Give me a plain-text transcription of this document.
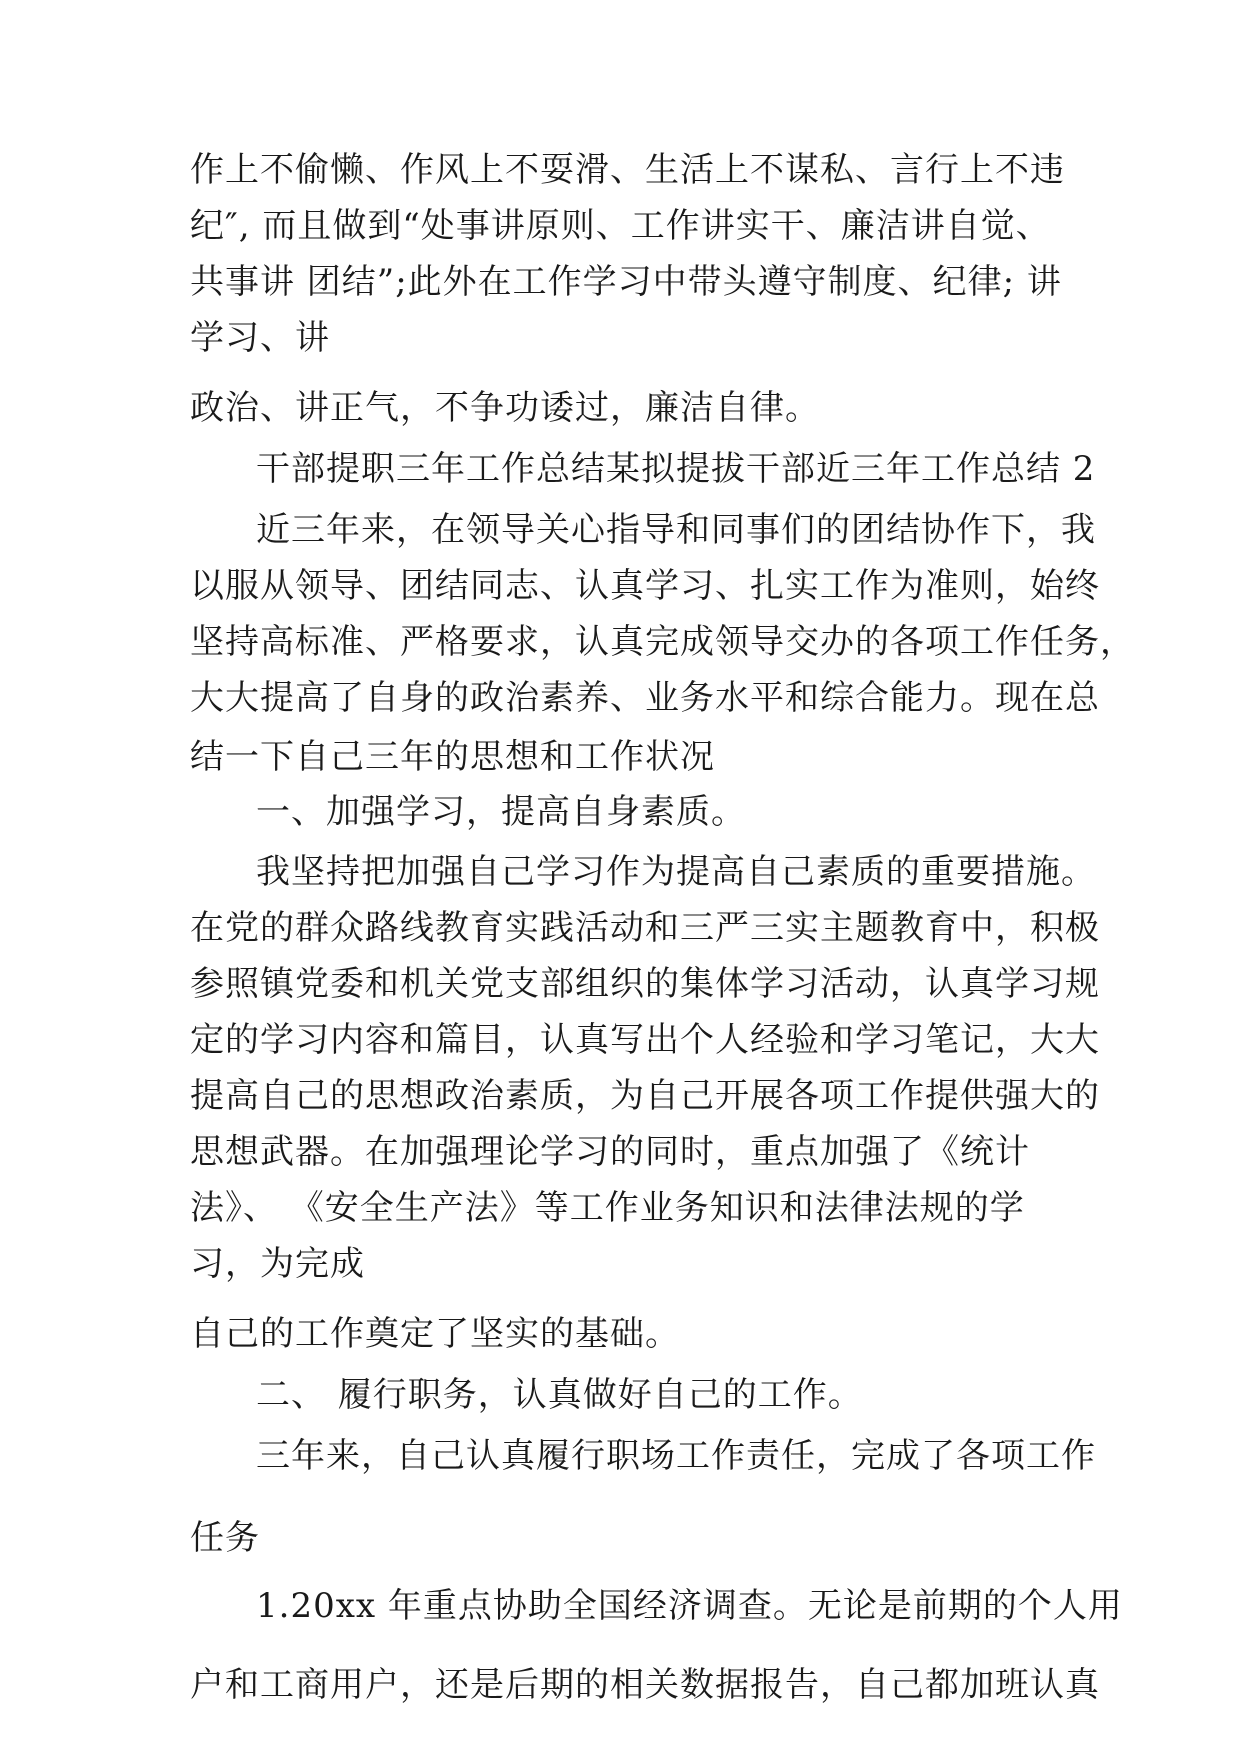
作上不偷懒、作风上不耍滑、生活上不谋私、言行上不违
纪″, 而且做到“处事讲原则、工作讲实干、廉洁讲自觉、
共事讲 团结”;此外在工作学习中带头遵守制度、纪律; 讲
学习、讲
政治、讲正气，不争功诿过，廉洁自律。
干部提职三年工作总结某拟提拔干部近三年工作总结 2
近三年来，在领导关心指导和同事们的团结协作下，我
以服从领导、团结同志、认真学习、扎实工作为准则，始终
坚持高标准、严格要求，认真完成领导交办的各项工作任务，
大大提高了自身的政治素养、业务水平和综合能力。现在总
结一下自己三年的思想和工作状况
一、加强学习，提高自身素质。
我坚持把加强自己学习作为提高自己素质的重要措施。
在党的群众路线教育实践活动和三严三实主题教育中，积极
参照镇党委和机关党支部组织的集体学习活动，认真学习规
定的学习内容和篇目，认真写出个人经验和学习笔记，大大
提高自己的思想政治素质，为自己开展各项工作提供强大的
思想武器。在加强理论学习的同时，重点加强了《统计
法》、 《安全生产法》等工作业务知识和法律法规的学
习，为完成
自己的工作奠定了坚实的基础。
二、 履行职务，认真做好自己的工作。
三年来，自己认真履行职场工作责任，完成了各项工作
任务
1.20xx 年重点协助全国经济调查。无论是前期的个人用
户和工商用户，还是后期的相关数据报告，自己都加班认真
